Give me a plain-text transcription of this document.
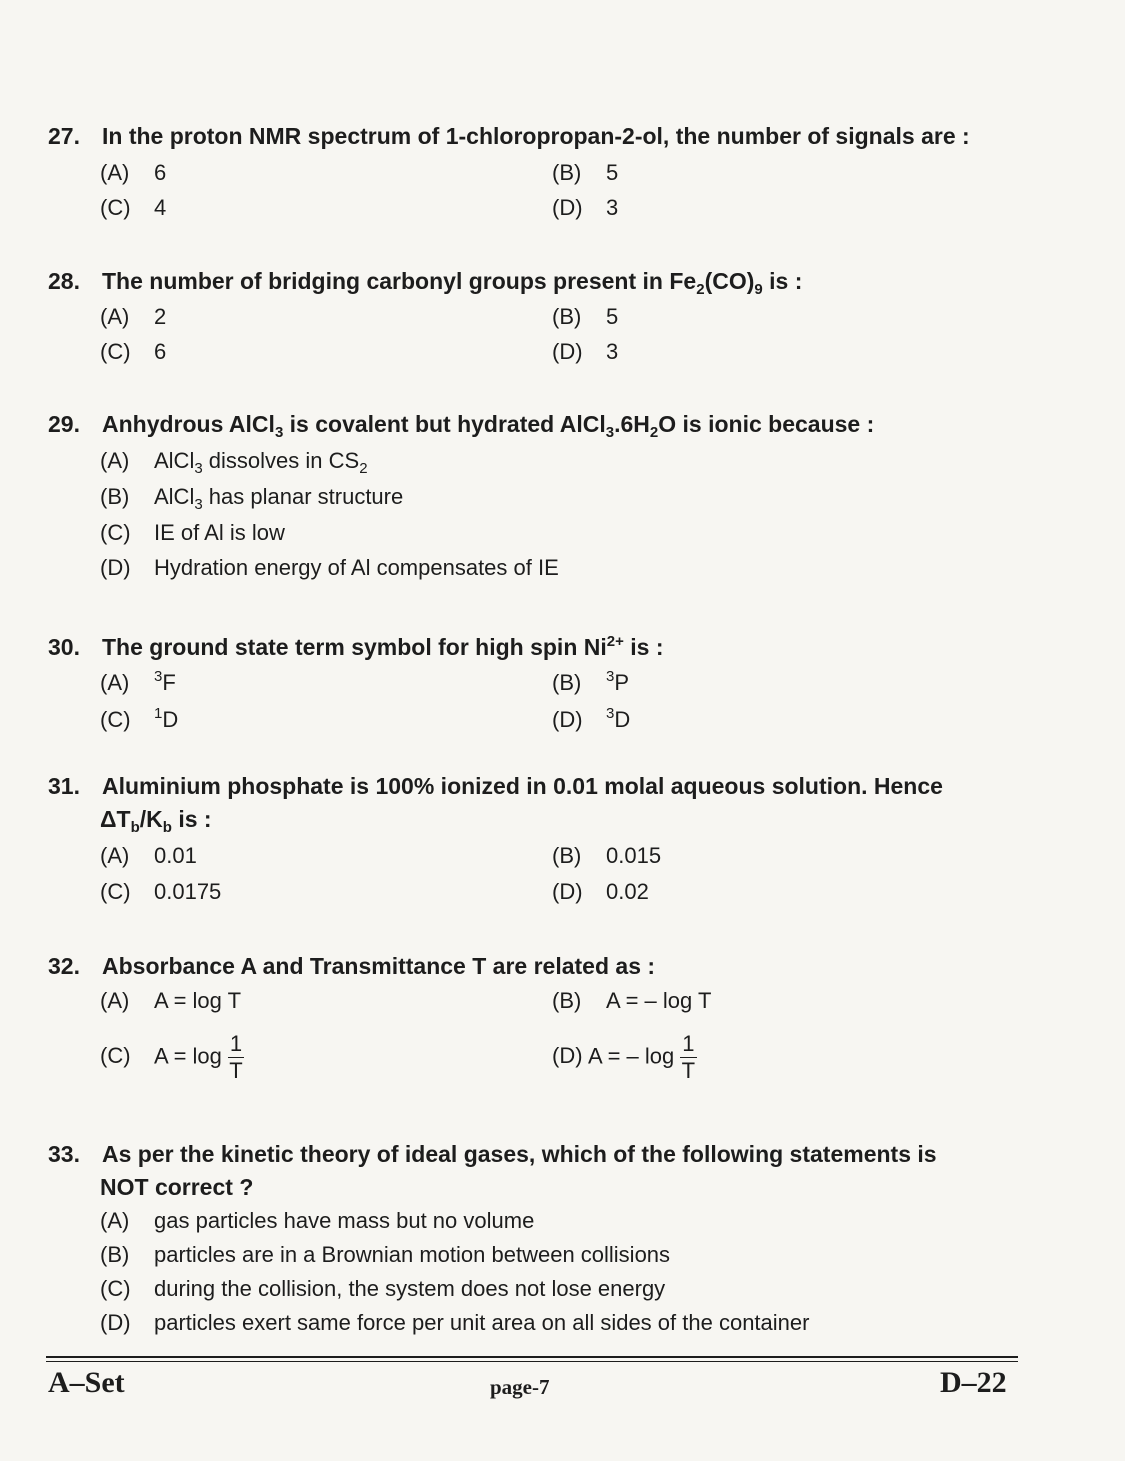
27. In the proton NMR spectrum of 1-chloropropan-2-ol, the number of signals are :
(A) 6	(B) 5
(C) 4	(D) 3
28. The number of bridging carbonyl groups present in $Fe_2(CO)_9$ is :
(A) 2	(B) 5
(C) 6	(D) 3
29. Anhydrous AlCl$_3$ is covalent but hydrated $AlCl_3.6H_2O$ is ionic because :
(A) AlCl$_3$ dissolves in $CS_2$
(B) AlCl$_3$ has planar structure
(C) IE of Al is low
(D) Hydration energy of Al compensates of IE
30. The ground state term symbol for high spin $Ni^{2+}$ is :
(A) $^3$F	(B) $^3$P
(C) $^1$D	(D) $^3$D
31. Aluminium phosphate is 100% ionized in 0.01 molal aqueous solution. Hence
$\Delta T_b/K_b$ is :
(A) 0.01	(B) 0.015
(C) 0.0175	(D) 0.02
32. Absorbance A and Transmittance T are related as :
(A) A = log T	(B) A = – log T
(C) $A = \log \frac{1}{T}$	(D) A = – $\log \frac{1}{T}$
33. As per the kinetic theory of ideal gases, which of the following statements is
NOT correct ?
(A) gas particles have mass but no volume
(B) particles are in a Brownian motion between collisions
(C) during the collision, the system does not lose energy
(D) particles exert same force per unit area on all sides of the container
A–Set	page-7	D–22
